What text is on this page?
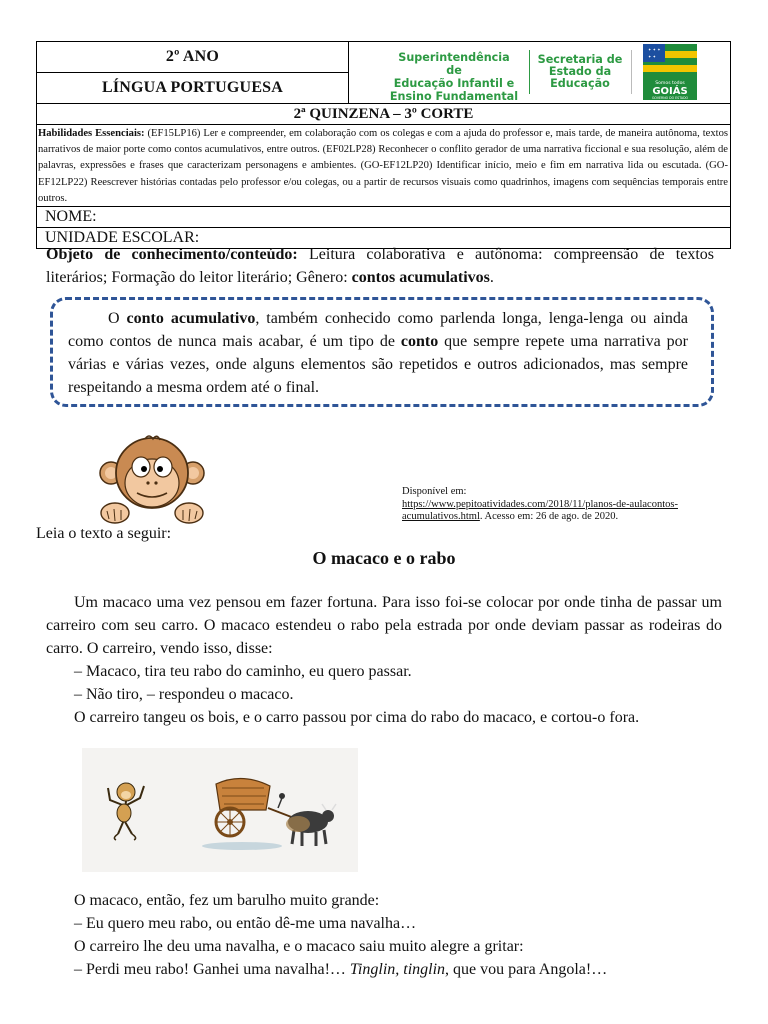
2º ANO
LÍNGUA PORTUGUESA
Superintendência de
Educação Infantil e
Ensino Fundamental
Secretaria de
Estado da
Educação
✦ ✦ ✦
✦ ✦
Somos todos
GOIÁS
GOVERNO DO ESTADO
2ª QUINZENA – 3º CORTE
Habilidades Essenciais: (EF15LP16) Ler e compreender, em colaboração com os colegas e com a ajuda do professor e, mais tarde, de maneira autônoma, textos narrativos de maior porte como contos acumulativos, entre outros. (EF02LP28) Reconhecer o conflito gerador de uma narrativa ficcional e sua resolução, além de palavras, expressões e frases que caracterizam personagens e ambientes. (GO-EF12LP20) Identificar início, meio e fim em narrativa lida ou escutada. (GO-EF12LP22) Reescrever histórias contadas pelo professor e/ou colegas, ou a partir de recursos visuais como quadrinhos, imagens com sequências temporais entre outros.
NOME:
UNIDADE ESCOLAR:
Objeto de conhecimento/conteúdo: Leitura colaborativa e autônoma: compreensão de textos literários; Formação do leitor literário; Gênero: contos acumulativos.
O conto acumulativo, também conhecido como parlenda longa, lenga-lenga ou ainda como contos de nunca mais acabar, é um tipo de conto que sempre repete uma narrativa por várias e várias vezes, onde alguns elementos são repetidos e outros adicionados, mas sempre respeitando a mesma ordem até o final.
Disponível em:
https://www.pepitoatividades.com/2018/11/planos-de-aulacontos-acumulativos.html. Acesso em: 26 de ago. de 2020.
Leia o texto a seguir:
O macaco e o rabo

Um macaco uma vez pensou em fazer fortuna. Para isso foi-se colocar por onde tinha de passar um carreiro com seu carro. O macaco estendeu o rabo pela estrada por onde deviam passar as rodeiras do carro. O carreiro, vendo isso, disse:

– Macaco, tira teu rabo do caminho, eu quero passar.

– Não tiro, – respondeu o macaco.

O carreiro tangeu os bois, e o carro passou por cima do rabo do macaco, e cortou-o fora.

O macaco, então, fez um barulho muito grande:

– Eu quero meu rabo, ou então dê-me uma navalha…

O carreiro lhe deu uma navalha, e o macaco saiu muito alegre a gritar:

– Perdi meu rabo! Ganhei uma navalha!… Tinglin, tinglin, que vou para Angola!…
